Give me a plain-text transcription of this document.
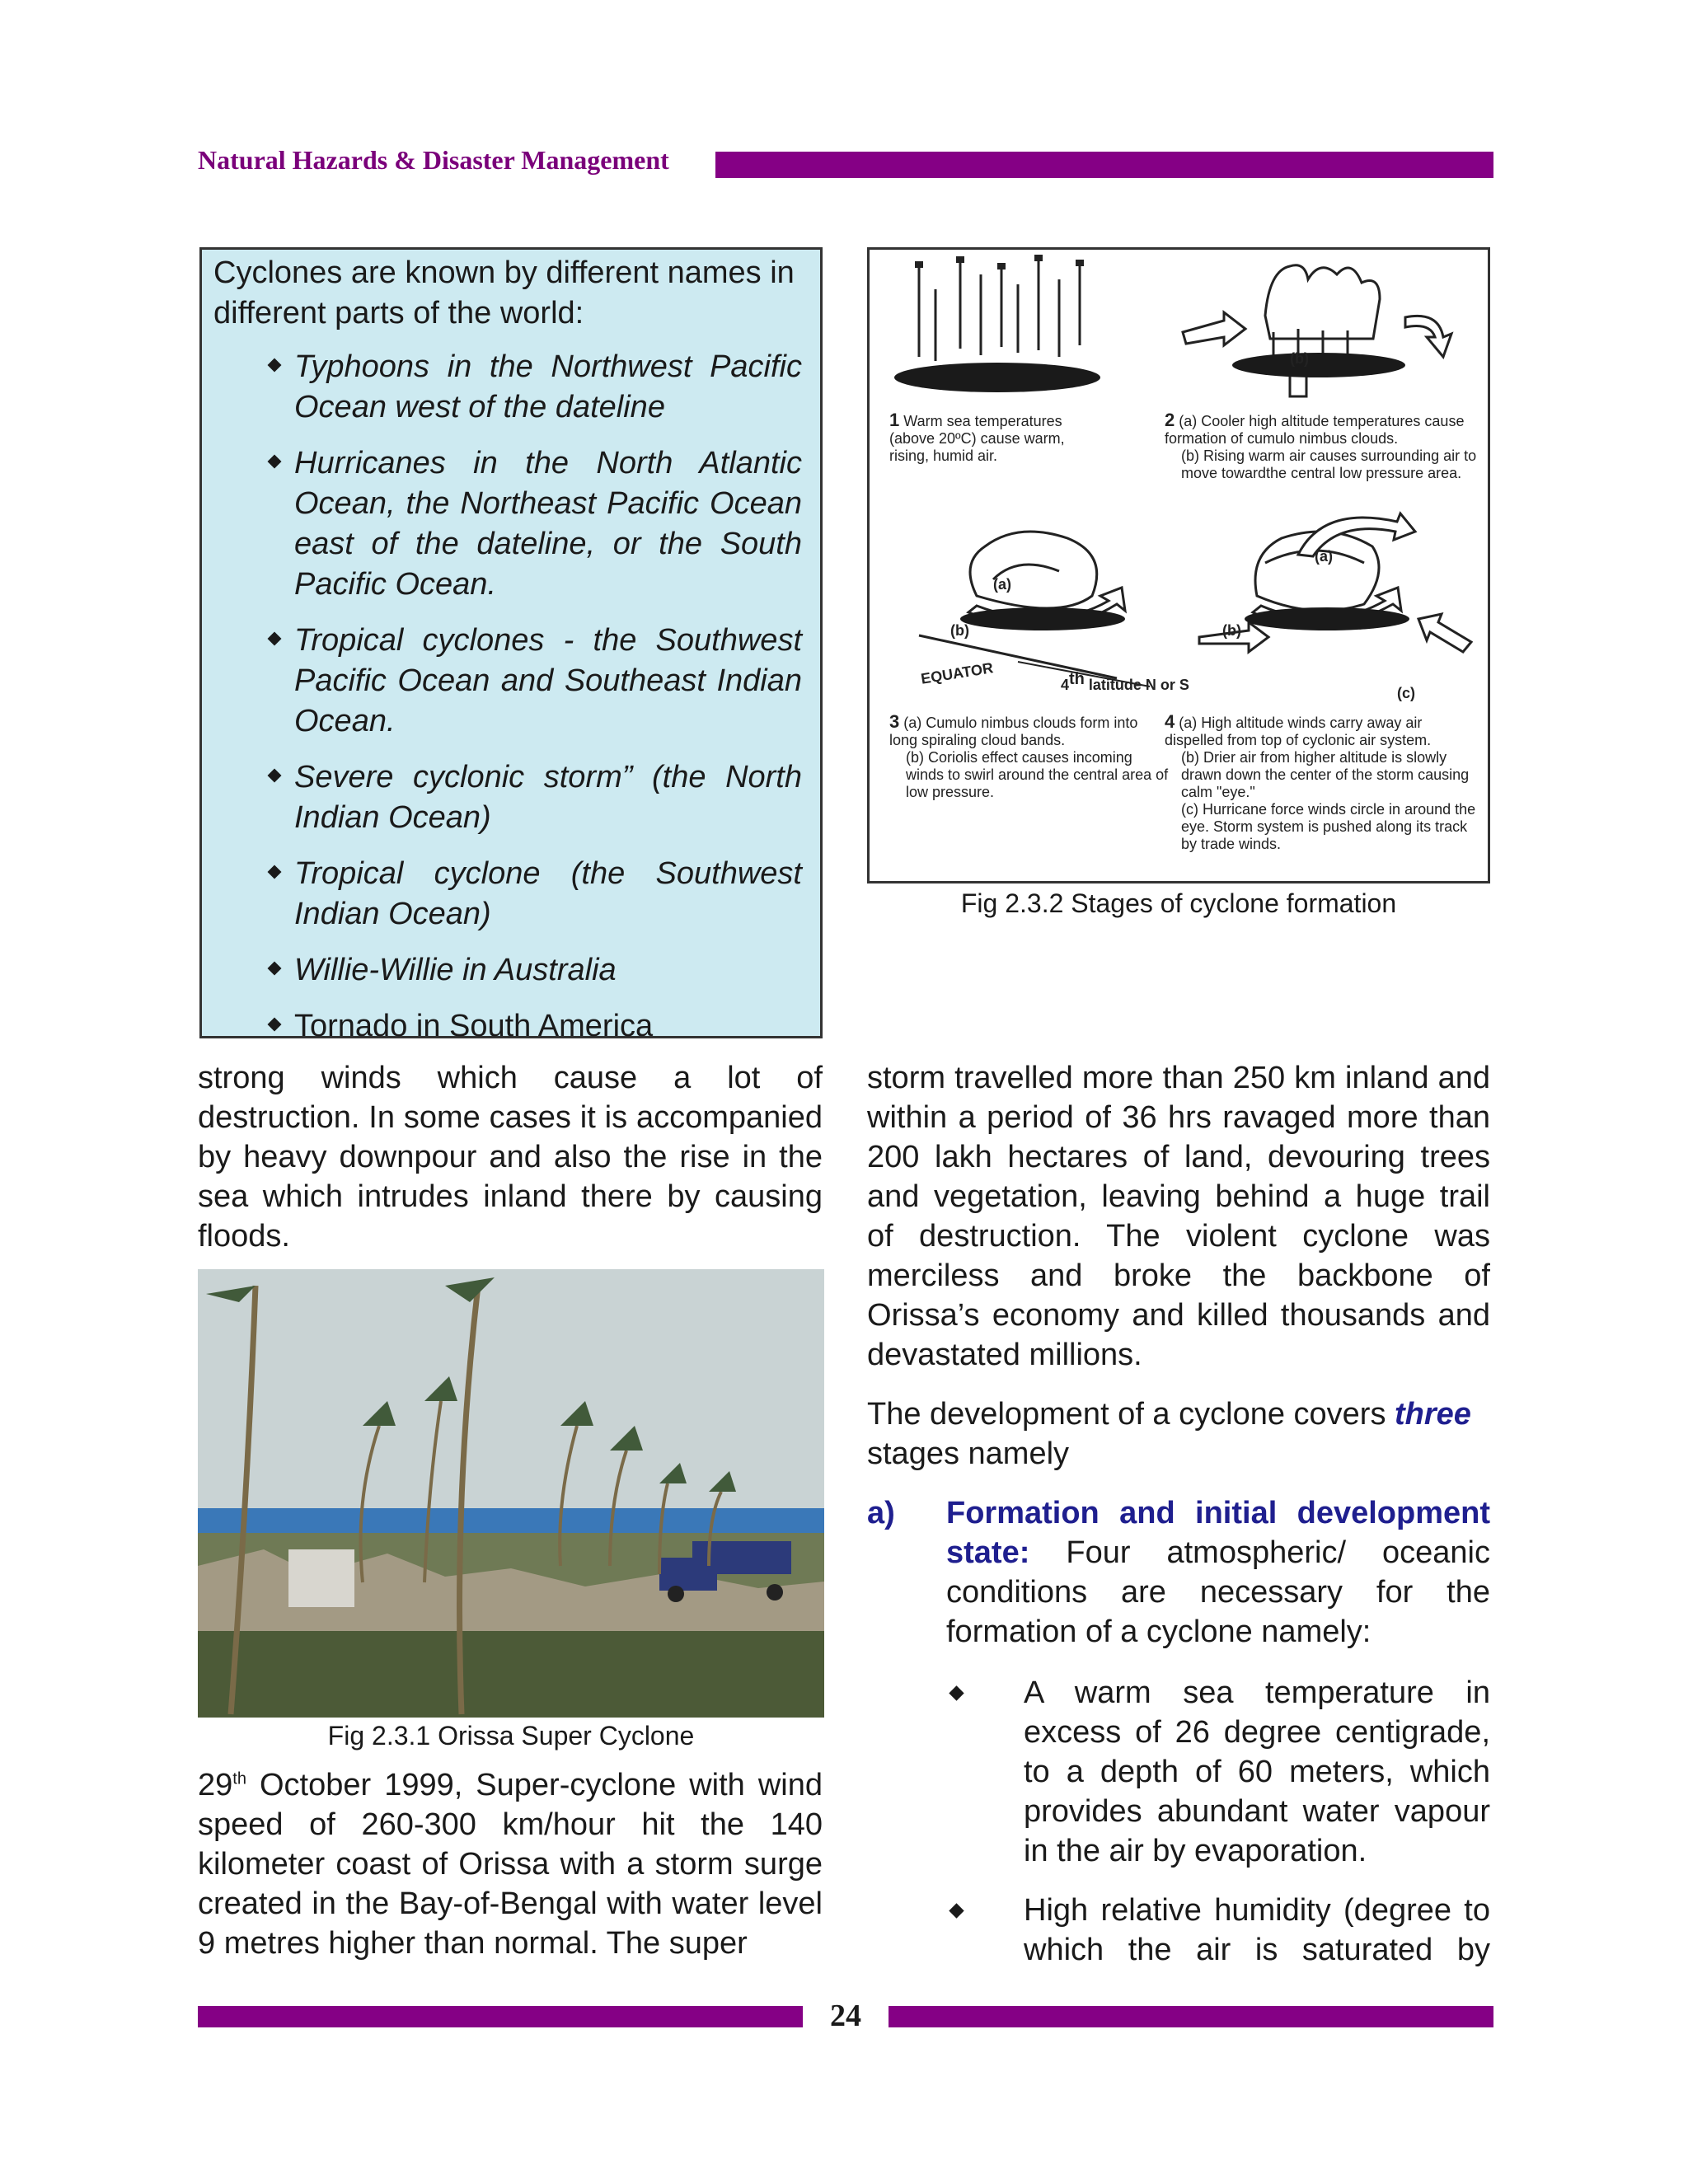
Natural Hazards & Disaster Management

Cyclones are known by different names in different parts of the world:

Typhoons in the Northwest Pacific Ocean west of the dateline
Hurricanes in the North Atlantic Ocean, the Northeast Pacific Ocean east of the dateline, or the South Pacific Ocean.
Tropical cyclones - the Southwest Pacific Ocean and Southeast Indian Ocean.
Severe cyclonic storm” (the North Indian Ocean)
Tropical cyclone (the Southwest Indian Ocean)
Willie-Willie in Australia
Tornado in South America
(b)
(a)
(b)
(a)
(b)
(c)
EQUATOR	4th latitude N or S
1 Warm sea temperatures (above 20ºC) cause warm, rising, humid air.
2 (a) Cooler high altitude temperatures cause formation of cumulo nimbus clouds.
(b) Rising warm air causes surrounding air to move towardthe central low pressure area.
3 (a) Cumulo nimbus clouds form into long spiraling cloud bands.
(b) Coriolis effect causes incoming winds to swirl around the central area of low pressure.
4 (a) High altitude winds carry away air dispelled from top of cyclonic air system.
(b) Drier air from higher altitude is slowly drawn down the center of the storm causing calm "eye."
(c) Hurricane force winds circle in around the eye. Storm system is pushed along its track by trade winds.
Fig 2.3.2 Stages of cyclone formation
strong winds which cause a lot of destruction. In some cases it is accompanied by heavy downpour and also the rise in the sea which intrudes inland there by causing floods.
Fig 2.3.1 Orissa Super Cyclone
29th October 1999, Super-cyclone with wind speed of 260-300 km/hour hit the 140 kilometer coast of Orissa with a storm surge created in the Bay-of-Bengal with water level 9 metres higher than normal. The super
storm travelled more than 250 km inland and within a period of 36 hrs ravaged more than 200 lakh hectares of land, devouring trees and vegetation, leaving behind a huge trail of destruction. The violent cyclone was merciless and broke the backbone of Orissa’s economy and killed thousands and devastated millions.
The development of a cyclone covers three stages namely
a) Formation and initial development state: Four atmospheric/ oceanic conditions are necessary for the formation of a cyclone namely:
A warm sea temperature in excess of 26 degree centigrade, to a depth of 60 meters, which provides abundant water vapour in the air by evaporation.
High relative humidity (degree to which the air is saturated by
24
